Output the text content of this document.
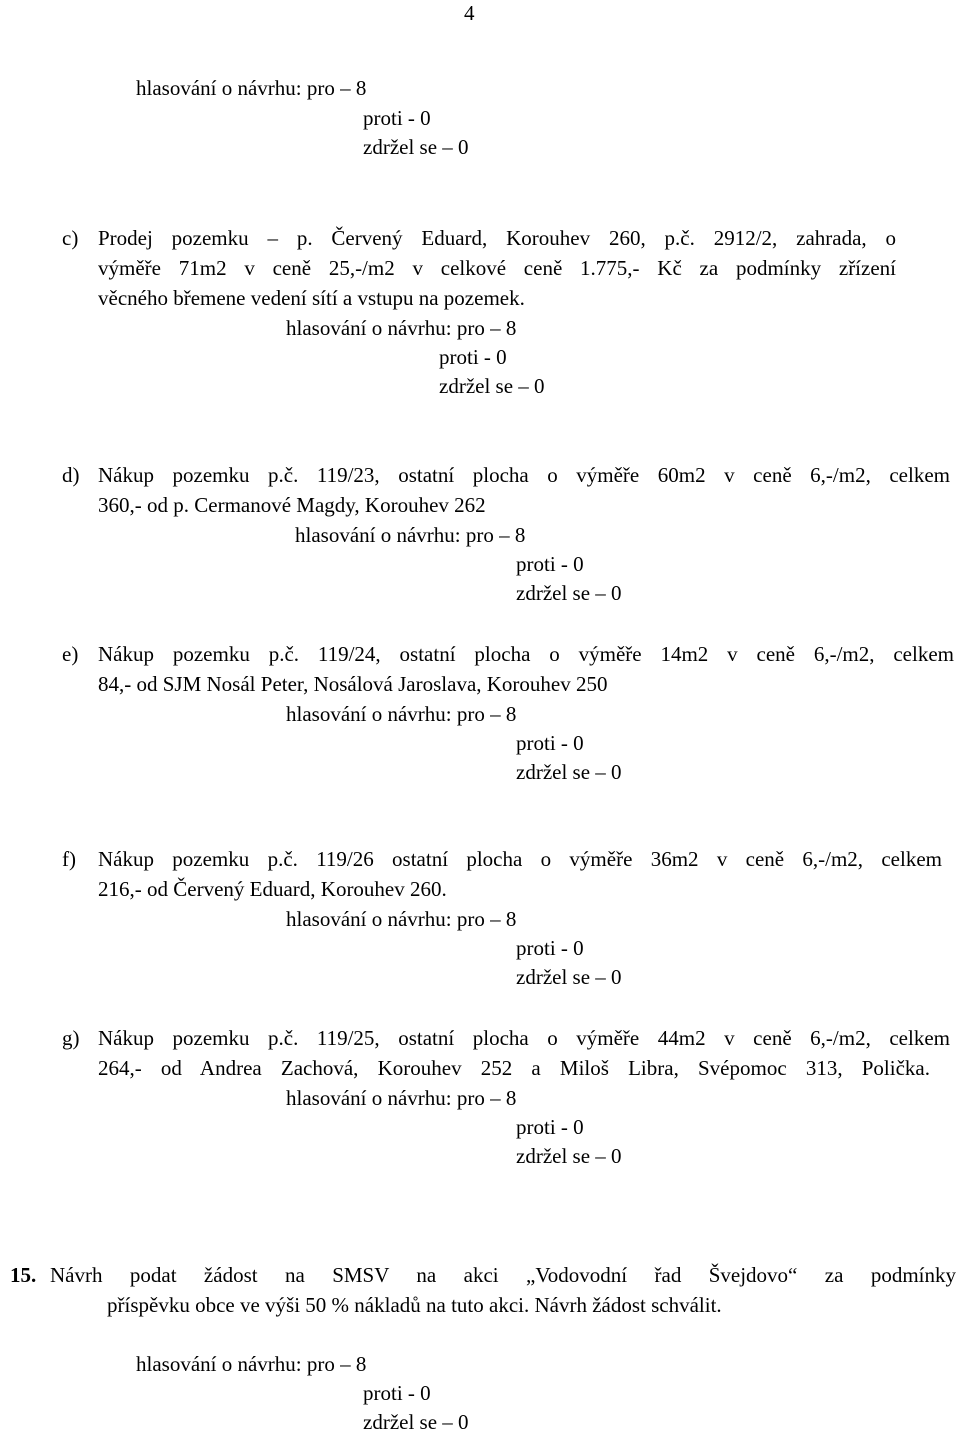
4
hlasování o návrhu: pro – 8
proti - 0
zdržel se – 0
c) Prodej pozemku – p. Červený Eduard, Korouhev 260, p.č. 2912/2, zahrada, o
výměře 71m2 v ceně 25,-/m2 v celkové ceně 1.775,- Kč za podmínky zřízení
věcného břemene vedení sítí a vstupu na pozemek.
hlasování o návrhu: pro – 8
proti - 0
zdržel se – 0
d) Nákup pozemku p.č. 119/23, ostatní plocha o výměře 60m2 v ceně 6,-/m2, celkem
360,- od p. Cermanové Magdy, Korouhev 262
hlasování o návrhu: pro – 8
proti - 0
zdržel se – 0
e) Nákup pozemku p.č. 119/24, ostatní plocha o výměře 14m2 v ceně 6,-/m2, celkem
84,- od SJM Nosál Peter, Nosálová Jaroslava, Korouhev 250
hlasování o návrhu: pro – 8
proti - 0
zdržel se – 0
f) Nákup pozemku p.č. 119/26 ostatní plocha o výměře 36m2 v ceně 6,-/m2, celkem
216,- od Červený Eduard, Korouhev 260.
hlasování o návrhu: pro – 8
proti - 0
zdržel se – 0
g) Nákup pozemku p.č. 119/25, ostatní plocha o výměře 44m2 v ceně 6,-/m2, celkem
264,- od Andrea Zachová, Korouhev 252 a Miloš Libra, Svépomoc 313, Polička.
hlasování o návrhu: pro – 8
proti - 0
zdržel se – 0
15. Návrh podat žádost na SMSV na akci „Vodovodní řad Švejdovo“ za podmínky
příspěvku obce ve výši 50 % nákladů na tuto akci. Návrh žádost schválit.
hlasování o návrhu: pro – 8
proti - 0
zdržel se – 0
